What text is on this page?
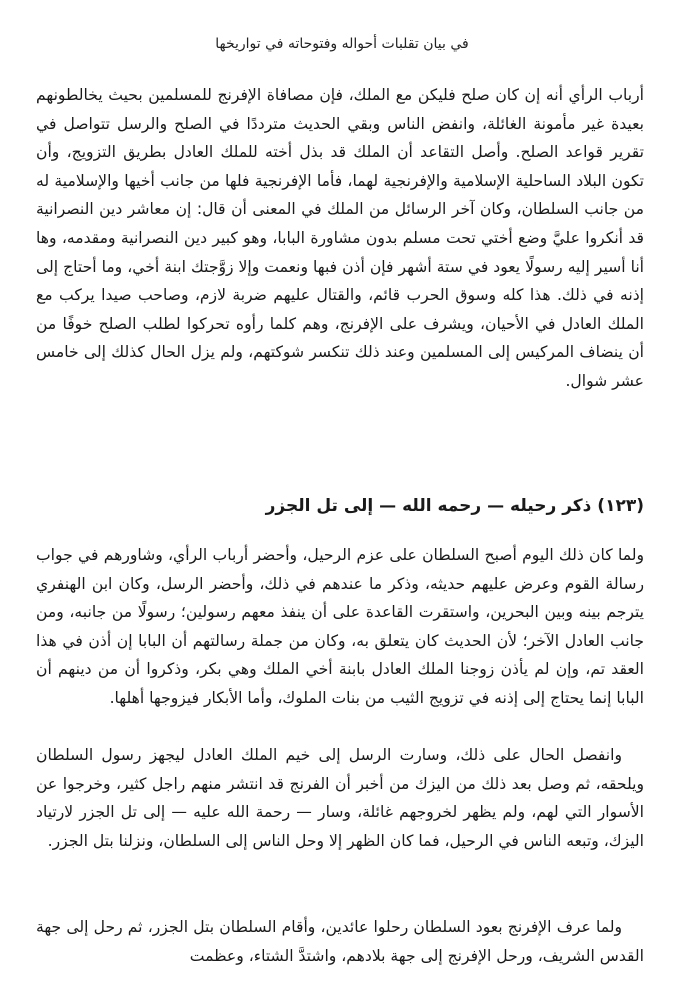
في بيان تقلبات أحواله وفتوحاته في تواريخها

أرباب الرأي أنه إن كان صلح فليكن مع الملك، فإن مصافاة الإفرنج للمسلمين بحيث يخالطونهم بعيدة غير مأمونة الغائلة، وانفض الناس وبقي الحديث مترددًا في الصلح والرسل تتواصل في تقرير قواعد الصلح. وأصل التقاعد أن الملك قد بذل أخته للملك العادل بطريق التزويج، وأن تكون البلاد الساحلية الإسلامية والإفرنجية لهما، فأما الإفرنجية فلها من جانب أخيها والإسلامية له من جانب السلطان، وكان آخر الرسائل من الملك في المعنى أن قال: إن معاشر دين النصرانية قد أنكروا عليَّ وضع أختي تحت مسلم بدون مشاورة البابا، وهو كبير دين النصرانية ومقدمه، وها أنا أسير إليه رسولًا يعود في ستة أشهر فإن أذن فبها ونعمت وإلا زوَّجتك ابنة أخي، وما أحتاج إلى إذنه في ذلك. هذا كله وسوق الحرب قائم، والقتال عليهم ضربة لازم، وصاحب صيدا يركب مع الملك العادل في الأحيان، ويشرف على الإفرنج، وهم كلما رأوه تحركوا لطلب الصلح خوفًا من أن ينضاف المركيس إلى المسلمين وعند ذلك تنكسر شوكتهم، ولم يزل الحال كذلك إلى خامس عشر شوال.

(١٢٣) ذكر رحيله — رحمه الله — إلى تل الجزر

ولما كان ذلك اليوم أصبح السلطان على عزم الرحيل، وأحضر أرباب الرأي، وشاورهم في جواب رسالة القوم وعرض عليهم حديثه، وذكر ما عندهم في ذلك، وأحضر الرسل، وكان ابن الهنفري يترجم بينه وبين البحرين، واستقرت القاعدة على أن ينفذ معهم رسولين؛ رسولًا من جانبه، ومن جانب العادل الآخر؛ لأن الحديث كان يتعلق به، وكان من جملة رسالتهم أن البابا إن أذن في هذا العقد تم، وإن لم يأذن زوجنا الملك العادل بابنة أخي الملك وهي بكر، وذكروا أن من دينهم أن البابا إنما يحتاج إلى إذنه في تزويج الثيب من بنات الملوك، وأما الأبكار فيزوجها أهلها.

وانفصل الحال على ذلك، وسارت الرسل إلى خيم الملك العادل ليجهز رسول السلطان ويلحقه، ثم وصل بعد ذلك من اليزك من أخبر أن الفرنج قد انتشر منهم راجل كثير، وخرجوا عن الأسوار التي لهم، ولم يظهر لخروجهم غائلة، وسار — رحمة الله عليه — إلى تل الجزر لارتياد اليزك، وتبعه الناس في الرحيل، فما كان الظهر إلا وحل الناس إلى السلطان، ونزلنا بتل الجزر.

ولما عرف الإفرنج بعود السلطان رحلوا عائدين، وأقام السلطان بتل الجزر، ثم رحل إلى جهة القدس الشريف، ورحل الإفرنج إلى جهة بلادهم، واشتدَّ الشتاء، وعظمت
